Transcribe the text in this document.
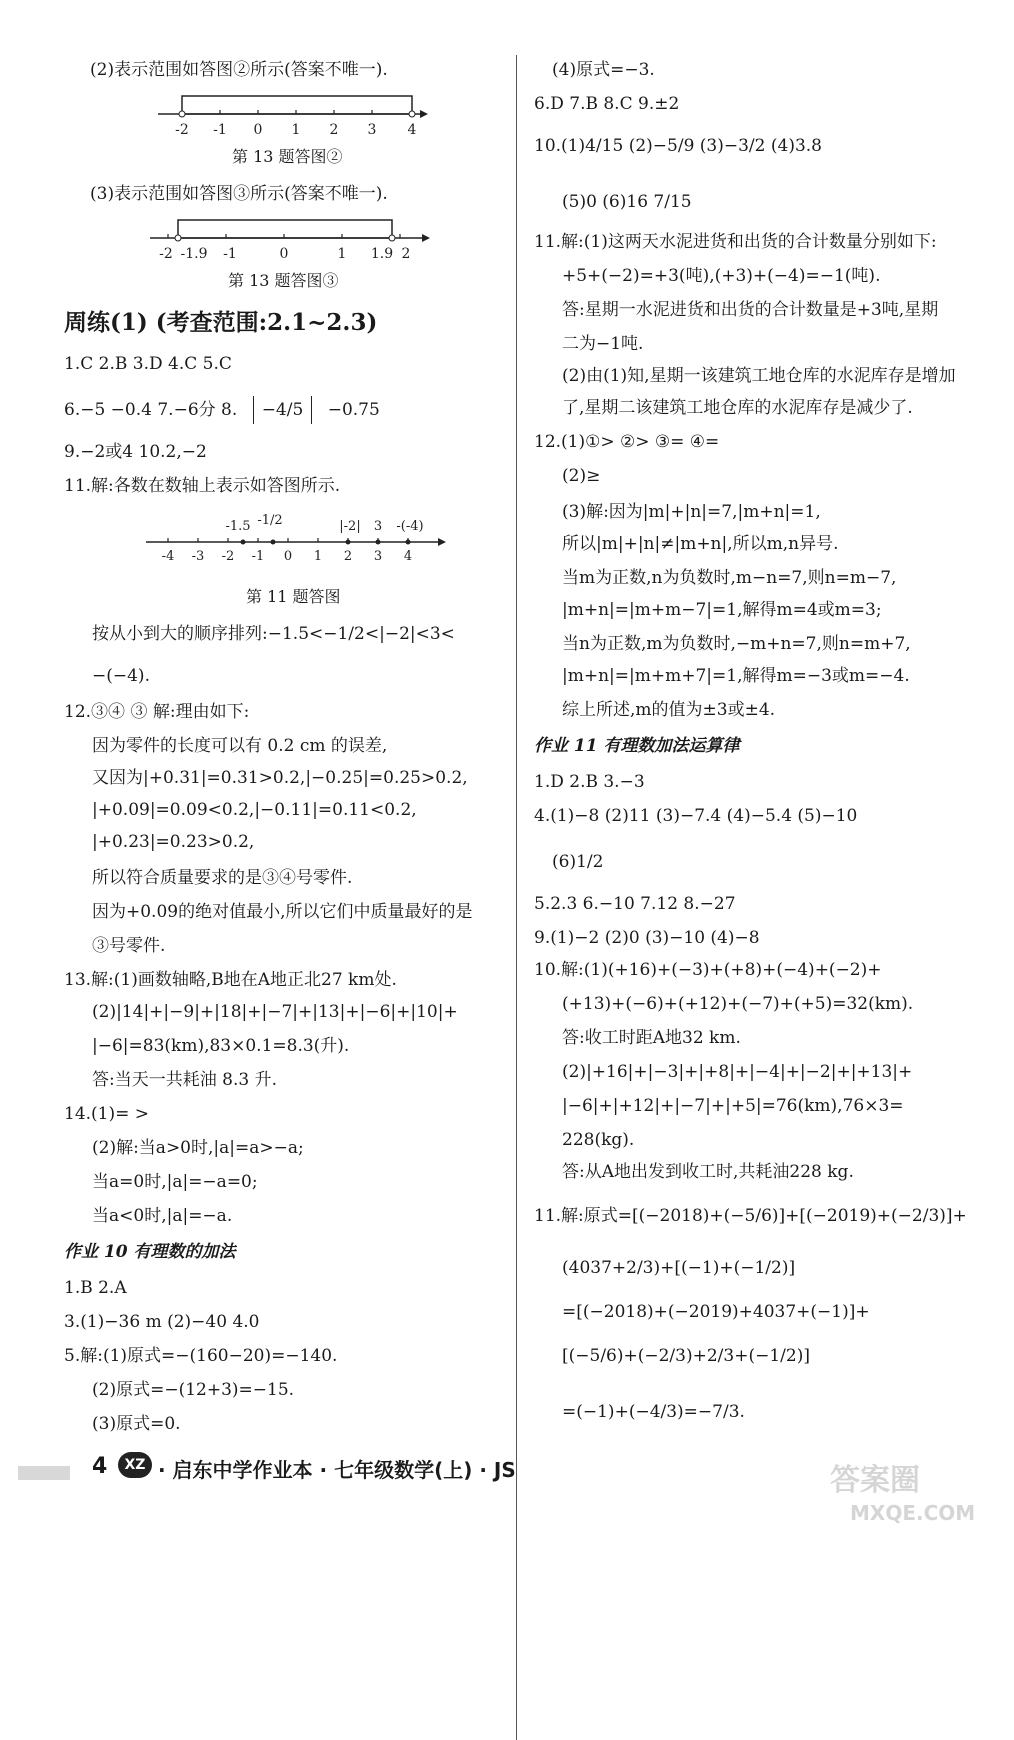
(2)表示范围如答图②所示(答案不唯一).
-2 -1 0 1 2 3 4
第 13 题答图②
(3)表示范围如答图③所示(答案不唯一).
-2 -1.9 -1	0	1 1.9 2
第 13 题答图③
周练(1) (考查范围:2.1~2.3)
1.C 2.B 3.D 4.C 5.C
6.−5 −0.4 7.−6分 8. −4/5 −0.75
9.−2或4 10.2,−2
11.解:各数在数轴上表示如答图所示.
-1.5 -1/2	|-2| 3 -(-4)
-4 -3 -2 -1 0 1 2 3 4
第 11 题答图
按从小到大的顺序排列:−1.5<−1/2<|−2|<3<
−(−4).
12.③④ ③ 解:理由如下:
因为零件的长度可以有 0.2 cm 的误差,
又因为|+0.31|=0.31>0.2,|−0.25|=0.25>0.2,
|+0.09|=0.09<0.2,|−0.11|=0.11<0.2,
|+0.23|=0.23>0.2,
所以符合质量要求的是③④号零件.
因为+0.09的绝对值最小,所以它们中质量最好的是
③号零件.
13.解:(1)画数轴略,B地在A地正北27 km处.
(2)|14|+|−9|+|18|+|−7|+|13|+|−6|+|10|+
|−6|=83(km),83×0.1=8.3(升).
答:当天一共耗油 8.3 升.
14.(1)= >
(2)解:当a>0时,|a|=a>−a;
当a=0时,|a|=−a=0;
当a<0时,|a|=−a.
作业 10 有理数的加法
1.B 2.A
3.(1)−36 m (2)−40 4.0
5.解:(1)原式=−(160−20)=−140.
(2)原式=−(12+3)=−15.
(3)原式=0.
(4)原式=−3.
6.D 7.B 8.C 9.±2
10.(1)4/15 (2)−5/9 (3)−3/2 (4)3.8
(5)0 (6)16 7/15
11.解:(1)这两天水泥进货和出货的合计数量分别如下:
+5+(−2)=+3(吨),(+3)+(−4)=−1(吨).
答:星期一水泥进货和出货的合计数量是+3吨,星期
二为−1吨.
(2)由(1)知,星期一该建筑工地仓库的水泥库存是增加
了,星期二该建筑工地仓库的水泥库存是减少了.
12.(1)①> ②> ③= ④=
(2)≥
(3)解:因为|m|+|n|=7,|m+n|=1,
所以|m|+|n|≠|m+n|,所以m,n异号.
当m为正数,n为负数时,m−n=7,则n=m−7,
|m+n|=|m+m−7|=1,解得m=4或m=3;
当n为正数,m为负数时,−m+n=7,则n=m+7,
|m+n|=|m+m+7|=1,解得m=−3或m=−4.
综上所述,m的值为±3或±4.
作业 11 有理数加法运算律
1.D 2.B 3.−3
4.(1)−8 (2)11 (3)−7.4 (4)−5.4 (5)−10
(6)1/2
5.2.3 6.−10 7.12 8.−27
9.(1)−2 (2)0 (3)−10 (4)−8
10.解:(1)(+16)+(−3)+(+8)+(−4)+(−2)+
(+13)+(−6)+(+12)+(−7)+(+5)=32(km).
答:收工时距A地32 km.
(2)|+16|+|−3|+|+8|+|−4|+|−2|+|+13|+
|−6|+|+12|+|−7|+|+5|=76(km),76×3=
228(kg).
答:从A地出发到收工时,共耗油228 kg.
11.解:原式=[(−2018)+(−5/6)]+[(−2019)+(−2/3)]+
(4037+2/3)+[(−1)+(−1/2)]
=[(−2018)+(−2019)+4037+(−1)]+
[(−5/6)+(−2/3)+2/3+(−1/2)]
=(−1)+(−4/3)=−7/3.
4	XZ · 启东中学作业本 · 七年级数学(上) · JS	答案圈
MXQE.COM
